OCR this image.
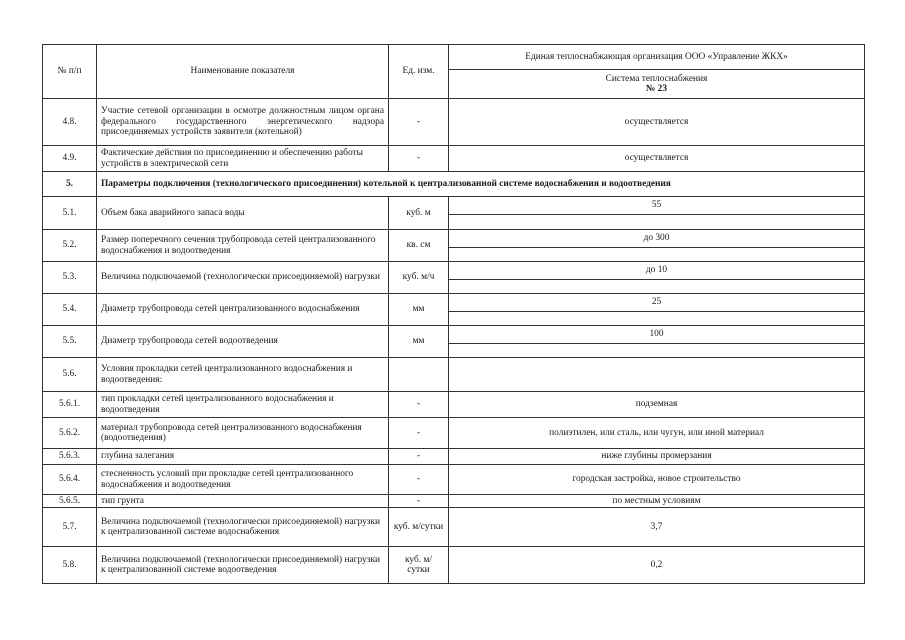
№ п/п	Наименование показателя	Ед. изм.	Единая теплоснабжающая организация ООО «Управление ЖКХ»

			Система теплоснабжения
№ 23

4.8.	Участие сетевой организации в осмотре должностным лицом органа федерального государственного энергетического надзора присоединяемых устройств заявителя (котельной)	-	осуществляется
4.9.	Фактические действия по присоединению и обеспечению работы устройств в электрической сети	-	осуществляется
5.	Параметры подключения (технологического присоединения) котельной к централизованной системе водоснабжения и водоотведения		
5.1.	Объем бака аварийного запаса воды	куб. м	55

5.2.	Размер поперечного сечения трубопровода сетей централизованного водоснабжения и водоотведения	кв. см	до 300

5.3.	Величина подключаемой (технологически присоединяемой) нагрузки	куб. м/ч	до 10

5.4.	Диаметр трубопровода сетей централизованного водоснабжения	мм	25

5.5.	Диаметр трубопровода сетей водоотведения	мм	100

5.6.	Условия прокладки сетей централизованного водоснабжения и водоотведения:		
5.6.1.	тип прокладки сетей централизованного водоснабжения и водоотведения	-	подземная
5.6.2.	материал трубопровода сетей централизованного водоснабжения (водоотведения)	-	полиэтилен, или сталь, или чугун, или иной материал
5.6.3.	глубина залегания	-	ниже глубины промерзания
5.6.4.	стесненность условий при прокладке сетей централизованного водоснабжения и водоотведения	-	городская застройка, новое строительство
5.6.5.	тип грунта	-	по местным условиям
5.7.	Величина подключаемой (технологически присоединяемой) нагрузки к централизованной системе водоснабжения	куб. м/сутки	3,7
5.8.	Величина подключаемой (технологически присоединяемой) нагрузки к централизованной системе водоотведения	куб. м/ сутки	0,2
